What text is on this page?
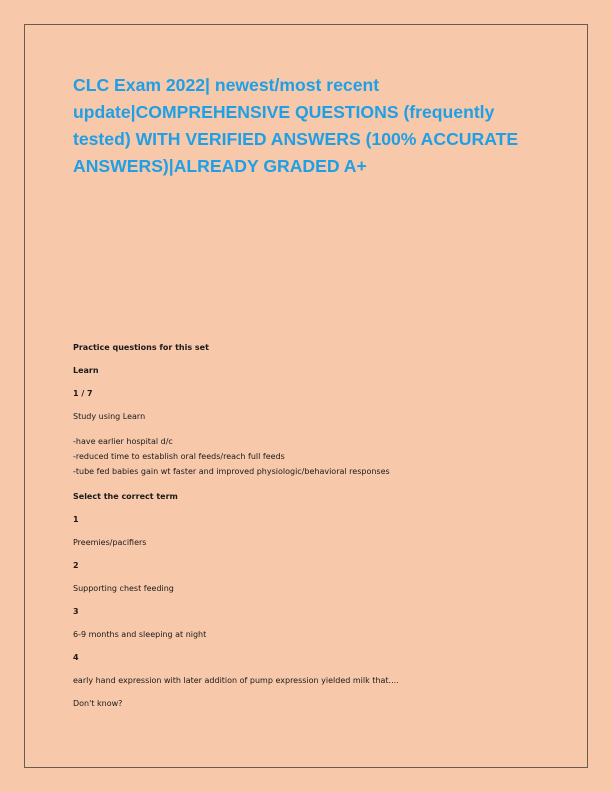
CLC Exam 2022| newest/most recent update|COMPREHENSIVE QUESTIONS (frequently tested) WITH VERIFIED ANSWERS (100% ACCURATE ANSWERS)|ALREADY GRADED A+

Practice questions for this set

Learn

1 / 7

Study using Learn

-have earlier hospital d/c

-reduced time to establish oral feeds/reach full feeds

-tube fed babies gain wt faster and improved physiologic/behavioral responses

Select the correct term

1

Preemies/pacifiers

2

Supporting chest feeding

3

6-9 months and sleeping at night

4

early hand expression with later addition of pump expression yielded milk that....

Don't know?
